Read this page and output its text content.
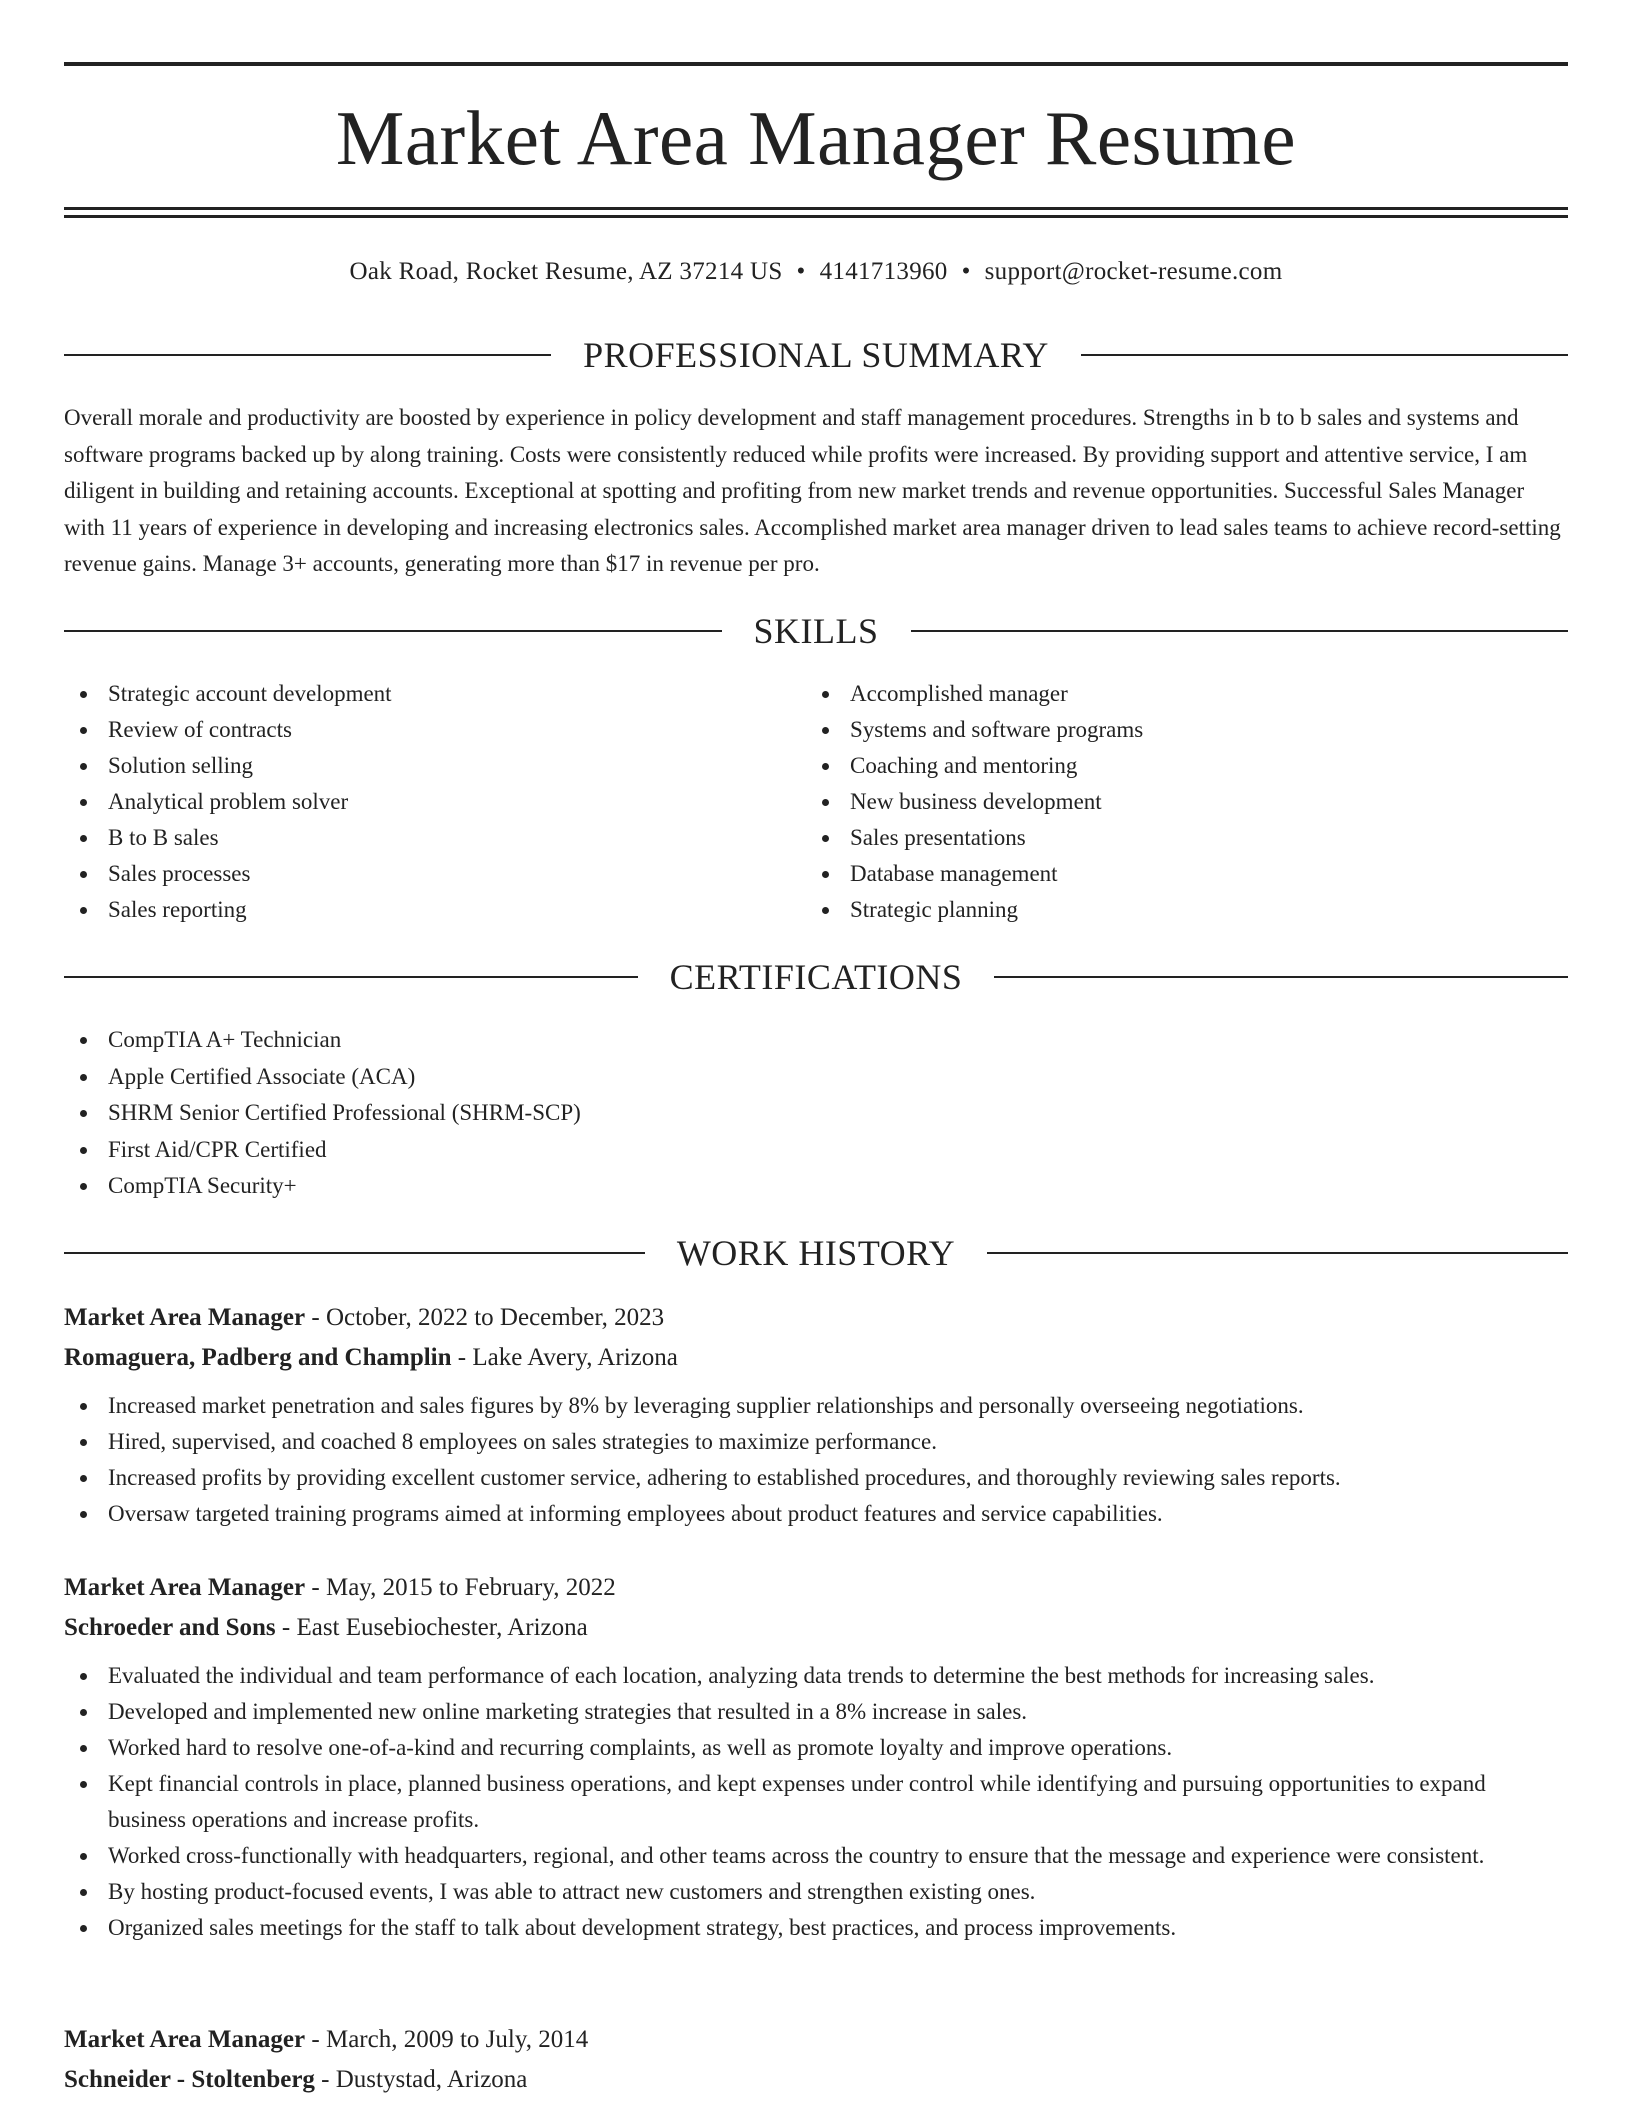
Market Area Manager Resume
Oak Road, Rocket Resume, AZ 37214 US • 4141713960 • support@rocket-resume.com
PROFESSIONAL SUMMARY

Overall morale and productivity are boosted by experience in policy development and staff management procedures. Strengths in b to b sales and systems and software programs backed up by along training. Costs were consistently reduced while profits were increased. By providing support and attentive service, I am diligent in building and retaining accounts. Exceptional at spotting and profiting from new market trends and revenue opportunities. Successful Sales Manager with 11 years of experience in developing and increasing electronics sales. Accomplished market area manager driven to lead sales teams to achieve record-setting revenue gains. Manage 3+ accounts, generating more than $17 in revenue per pro.

SKILLS
Strategic account development
Review of contracts
Solution selling
Analytical problem solver
B to B sales
Sales processes
Sales reporting
Accomplished manager
Systems and software programs
Coaching and mentoring
New business development
Sales presentations
Database management
Strategic planning
CERTIFICATIONS
CompTIA A+ Technician
Apple Certified Associate (ACA)
SHRM Senior Certified Professional (SHRM-SCP)
First Aid/CPR Certified
CompTIA Security+
WORK HISTORY
Market Area Manager - October, 2022 to December, 2023
Romaguera, Padberg and Champlin - Lake Avery, Arizona
Increased market penetration and sales figures by 8% by leveraging supplier relationships and personally overseeing negotiations.
Hired, supervised, and coached 8 employees on sales strategies to maximize performance.
Increased profits by providing excellent customer service, adhering to established procedures, and thoroughly reviewing sales reports.
Oversaw targeted training programs aimed at informing employees about product features and service capabilities.
Market Area Manager - May, 2015 to February, 2022
Schroeder and Sons - East Eusebiochester, Arizona
Evaluated the individual and team performance of each location, analyzing data trends to determine the best methods for increasing sales.
Developed and implemented new online marketing strategies that resulted in a 8% increase in sales.
Worked hard to resolve one-of-a-kind and recurring complaints, as well as promote loyalty and improve operations.
Kept financial controls in place, planned business operations, and kept expenses under control while identifying and pursuing opportunities to expand business operations and increase profits.
Worked cross-functionally with headquarters, regional, and other teams across the country to ensure that the message and experience were consistent.
By hosting product-focused events, I was able to attract new customers and strengthen existing ones.
Organized sales meetings for the staff to talk about development strategy, best practices, and process improvements.
Market Area Manager - March, 2009 to July, 2014
Schneider - Stoltenberg - Dustystad, Arizona
